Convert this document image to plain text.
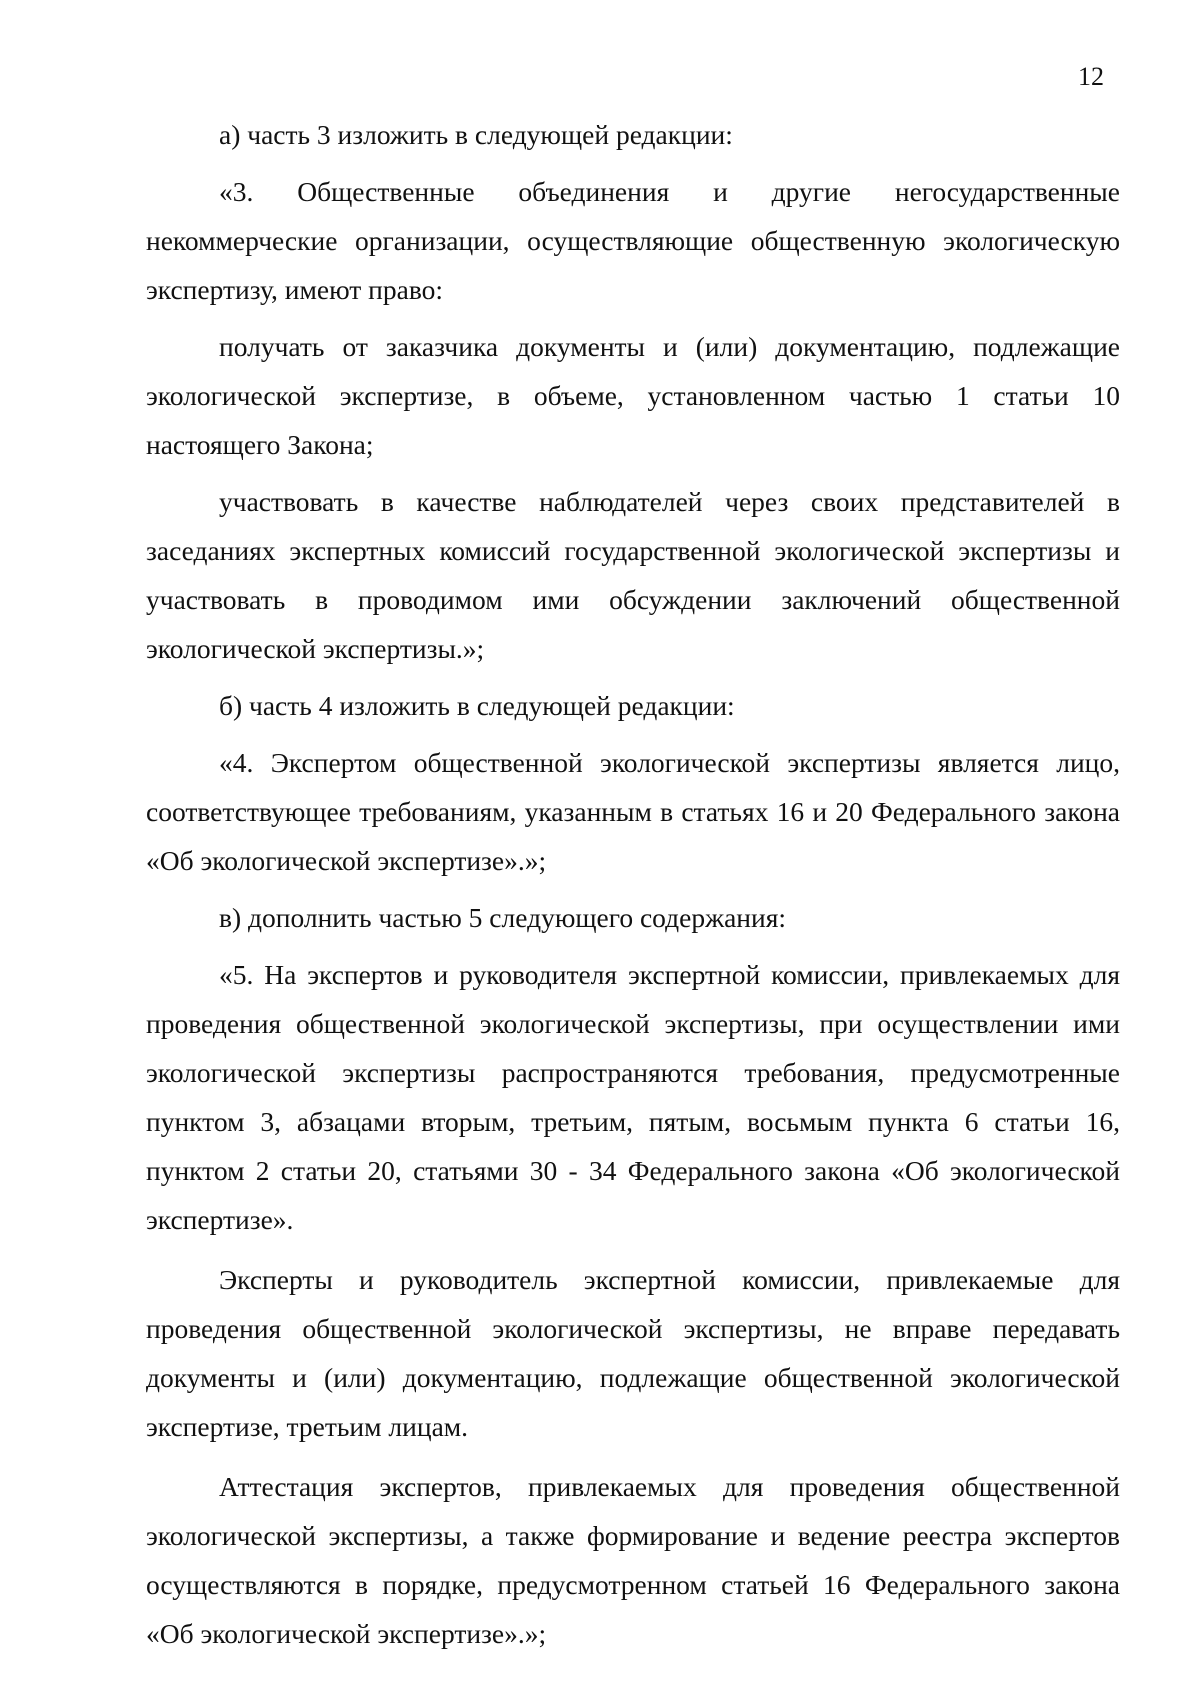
12

а) часть 3 изложить в следующей редакции:

«3. Общественные объединения и другие негосударственные некоммерческие организации, осуществляющие общественную экологическую экспертизу, имеют право:

получать от заказчика документы и (или) документацию, подлежащие экологической экспертизе, в объеме, установленном частью 1 статьи 10 настоящего Закона;

участвовать в качестве наблюдателей через своих представителей в заседаниях экспертных комиссий государственной экологической экспертизы и участвовать в проводимом ими обсуждении заключений общественной экологической экспертизы.»;

б) часть 4 изложить в следующей редакции:

«4. Экспертом общественной экологической экспертизы является лицо, соответствующее требованиям, указанным в статьях 16 и 20 Федерального закона «Об экологической экспертизе».»;

в) дополнить частью 5 следующего содержания:

«5. На экспертов и руководителя экспертной комиссии, привлекаемых для проведения общественной экологической экспертизы, при осуществлении ими экологической экспертизы распространяются требования, предусмотренные пунктом 3, абзацами вторым, третьим, пятым, восьмым пункта 6 статьи 16, пунктом 2 статьи 20, статьями 30 - 34 Федерального закона «Об экологической экспертизе».

Эксперты и руководитель экспертной комиссии, привлекаемые для проведения общественной экологической экспертизы, не вправе передавать документы и (или) документацию, подлежащие общественной экологической экспертизе, третьим лицам.

Аттестация экспертов, привлекаемых для проведения общественной экологической экспертизы, а также формирование и ведение реестра экспертов осуществляются в порядке, предусмотренном статьей 16 Федерального закона «Об экологической экспертизе».»;
